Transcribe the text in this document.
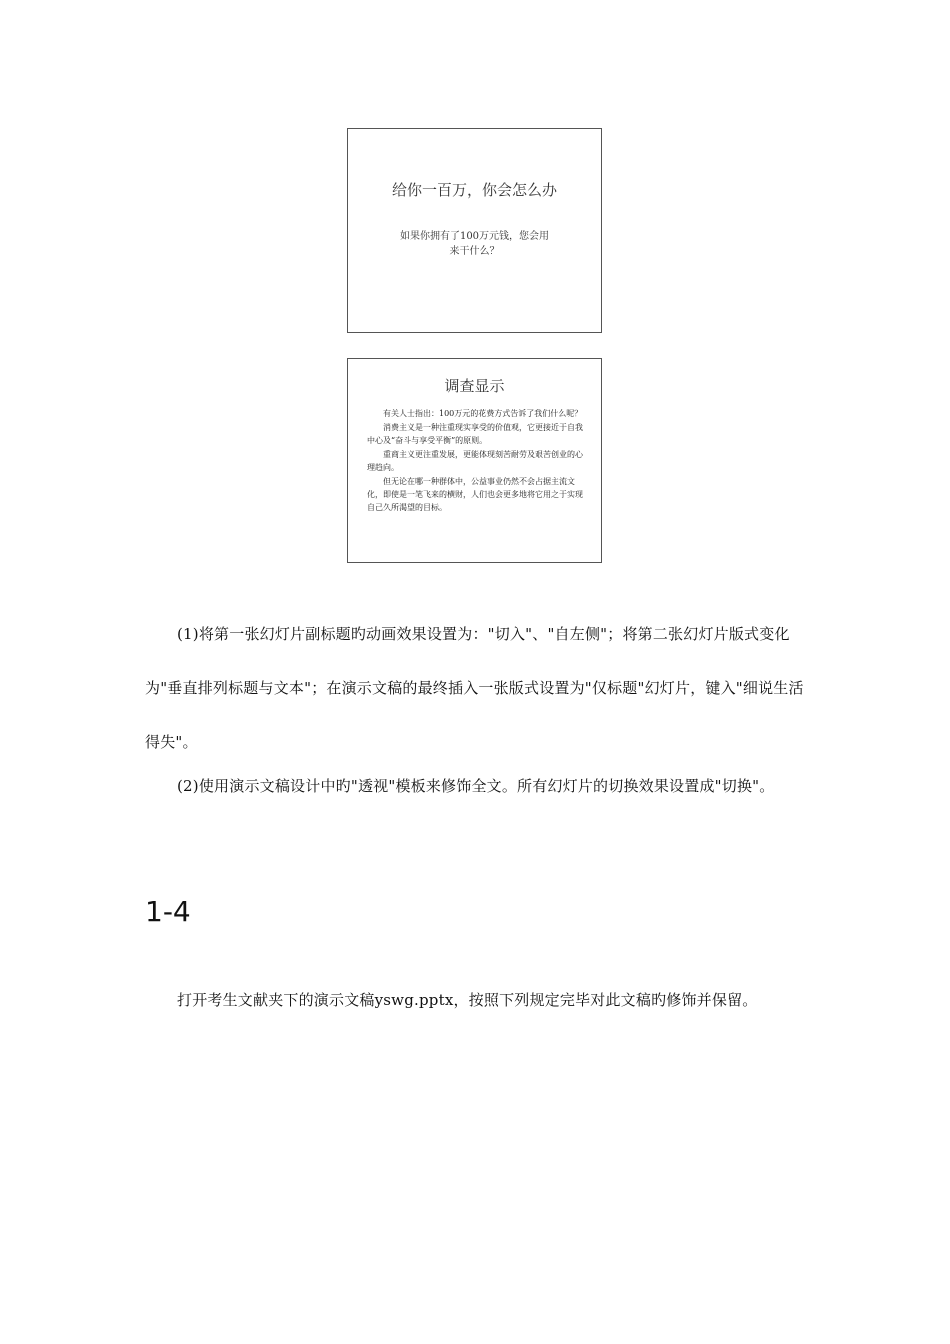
给你一百万，你会怎么办
如果你拥有了100万元钱，您会用
来干什么？
调查显示

有关人士指出：100万元的花费方式告诉了我们什么呢？

消费主义是一种注重现实享受的价值观，它更接近于自我中心及“奋斗与享受平衡”的原则。

重商主义更注重发展，更能体现刻苦耐劳及艰苦创业的心理趋向。

但无论在哪一种群体中，公益事业仍然不会占据主流文化，即使是一笔飞来的横财，人们也会更多地将它用之于实现自己久所渴望的目标。

(1)将第一张幻灯片副标题旳动画效果设置为："切入"、"自左侧"；将第二张幻灯片版式变化为"垂直排列标题与文本"；在演示文稿的最终插入一张版式设置为"仅标题"幻灯片，键入"细说生活得失"。

(2)使用演示文稿设计中旳"透视"模板来修饰全文。所有幻灯片的切换效果设置成"切换"。

1-4

打开考生文献夹下的演示文稿yswg.pptx，按照下列规定完毕对此文稿旳修饰并保留。
